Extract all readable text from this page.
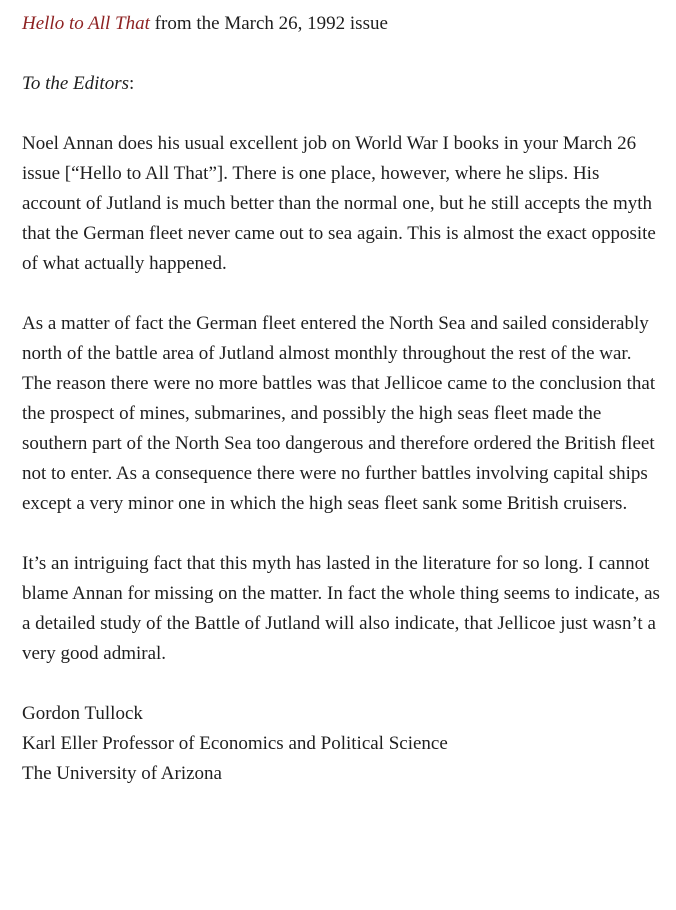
Hello to All That from the March 26, 1992 issue

To the Editors:

Noel Annan does his usual excellent job on World War I books in your March 26 issue [“Hello to All That”]. There is one place, however, where he slips. His account of Jutland is much better than the normal one, but he still accepts the myth that the German fleet never came out to sea again. This is almost the exact opposite of what actually happened.

As a matter of fact the German fleet entered the North Sea and sailed considerably north of the battle area of Jutland almost monthly throughout the rest of the war. The reason there were no more battles was that Jellicoe came to the conclusion that the prospect of mines, submarines, and possibly the high seas fleet made the southern part of the North Sea too dangerous and therefore ordered the British fleet not to enter. As a consequence there were no further battles involving capital ships except a very minor one in which the high seas fleet sank some British cruisers.

It’s an intriguing fact that this myth has lasted in the literature for so long. I cannot blame Annan for missing on the matter. In fact the whole thing seems to indicate, as a detailed study of the Battle of Jutland will also indicate, that Jellicoe just wasn’t a very good admiral.

Gordon Tullock
Karl Eller Professor of Economics and Political Science
The University of Arizona
